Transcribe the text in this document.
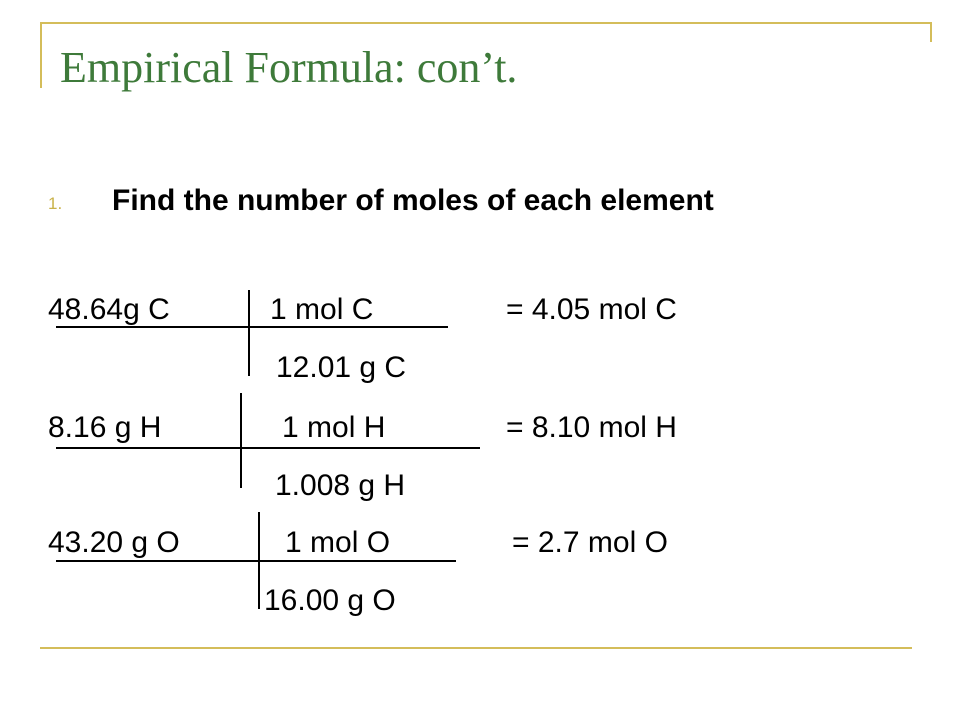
Empirical Formula: con’t.
1. Find the number of moles of each element
48.64g C	1 mol C	= 4.05 mol C
12.01 g C
8.16 g H	1 mol H	= 8.10 mol H
1.008 g H
43.20 g O	1 mol O	= 2.7 mol O
16.00 g O
